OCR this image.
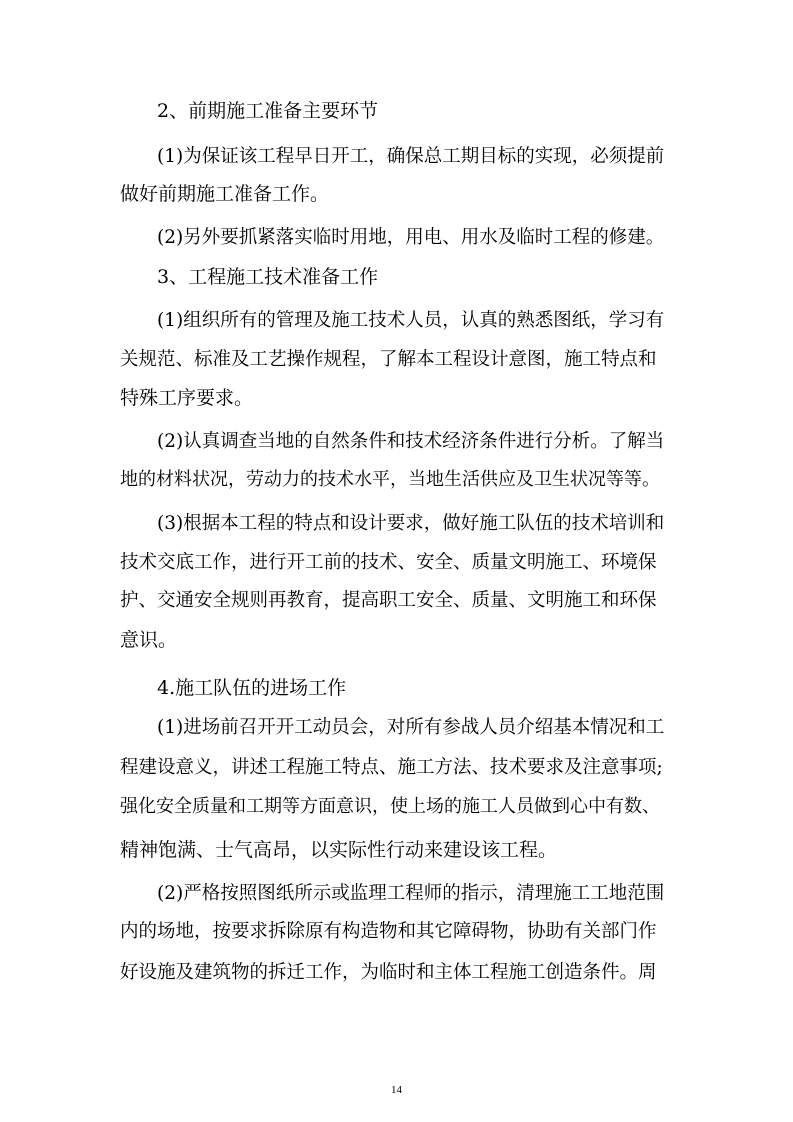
2、前期施工准备主要环节
(1)为保证该工程早日开工，确保总工期目标的实现，必须提前
做好前期施工准备工作。
(2)另外要抓紧落实临时用地，用电、用水及临时工程的修建。
3、工程施工技术准备工作
(1)组织所有的管理及施工技术人员，认真的熟悉图纸，学习有
关规范、标准及工艺操作规程，了解本工程设计意图，施工特点和
特殊工序要求。
(2)认真调查当地的自然条件和技术经济条件进行分析。了解当
地的材料状况，劳动力的技术水平，当地生活供应及卫生状况等等。
(3)根据本工程的特点和设计要求，做好施工队伍的技术培训和
技术交底工作，进行开工前的技术、安全、质量文明施工、环境保
护、交通安全规则再教育，提高职工安全、质量、文明施工和环保
意识。
4.施工队伍的进场工作
(1)进场前召开开工动员会，对所有参战人员介绍基本情况和工
程建设意义，讲述工程施工特点、施工方法、技术要求及注意事项;
强化安全质量和工期等方面意识，使上场的施工人员做到心中有数、
精神饱满、士气高昂，以实际性行动来建设该工程。
(2)严格按照图纸所示或监理工程师的指示，清理施工工地范围
内的场地，按要求拆除原有构造物和其它障碍物，协助有关部门作
好设施及建筑物的拆迁工作，为临时和主体工程施工创造条件。周
14
